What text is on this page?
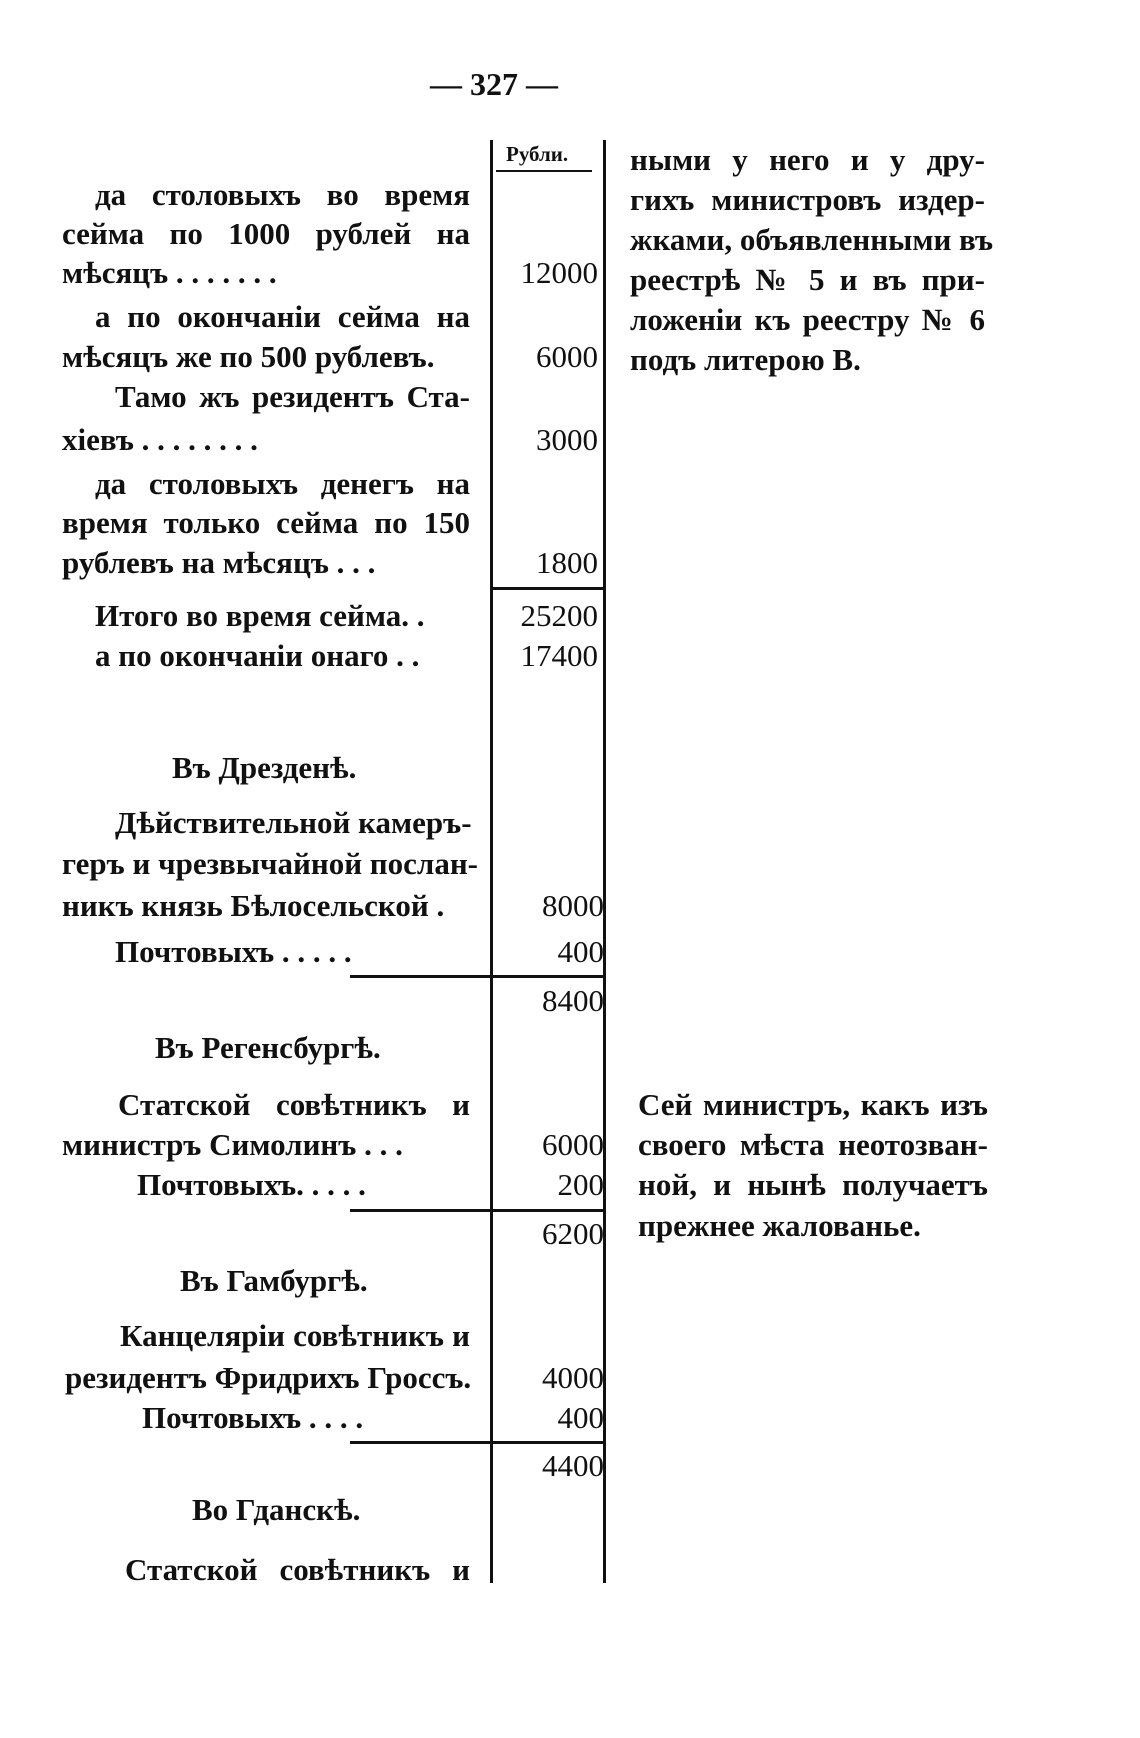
— 327 —
Рубли.
да столовыхъ во время
сейма по 1000 рублей на
мѣсяцъ . . . . . . .
а по окончаніи сейма на
мѣсяцъ же по 500 рублевъ.
Тамо жъ резидентъ Ста-
хіевъ . . . . . . . .
да столовыхъ денегъ на
время только сейма по 150
рублевъ на мѣсяцъ . . .
Итого во время сейма. .
а по окончаніи онаго . .
Въ Дрезденѣ.
Дѣйствительной камеръ-
геръ и чрезвычайной послан-
никъ князь Бѣлосельской .
Почтовыхъ . . . . .
Въ Регенсбургѣ.
Статской совѣтникъ и
министръ Симолинъ . . .
Почтовыхъ. . . . .
Въ Гамбургѣ.
Канцеляріи совѣтникъ и
резидентъ Фридрихъ Гроссъ.
Почтовыхъ . . . .
Во Гданскѣ.
Статской совѣтникъ и
12000
6000
3000
1800
25200
17400
8000
400
8400
6000
200
6200
4000
400
4400
ными у него и у дру-
гихъ министровъ издер-
жками, объявленными въ
реестрѣ № 5 и въ при-
ложеніи къ реестру № 6
подъ литерою В.
Сей министръ, какъ изъ
своего мѣста неотозван-
ной, и нынѣ получаетъ
прежнее жалованье.
